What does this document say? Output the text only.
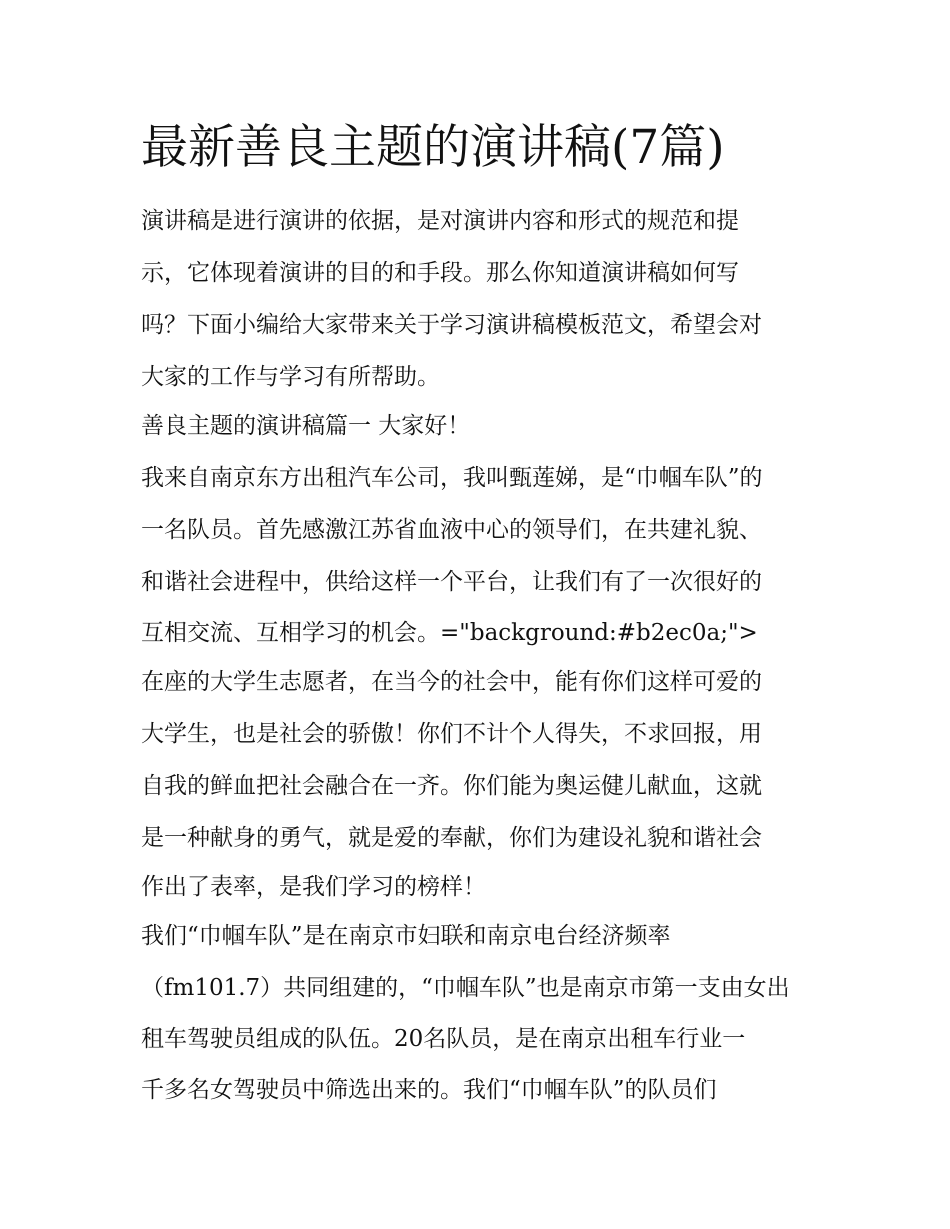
最新善良主题的演讲稿(7篇)

演讲稿是进行演讲的依据，是对演讲内容和形式的规范和提

示，它体现着演讲的目的和手段。那么你知道演讲稿如何写

吗？下面小编给大家带来关于学习演讲稿模板范文，希望会对

大家的工作与学习有所帮助。

善良主题的演讲稿篇一 大家好！

我来自南京东方出租汽车公司，我叫甄莲娣，是“巾帼车队”的

一名队员。首先感激江苏省血液中心的领导们，在共建礼貌、

和谐社会进程中，供给这样一个平台，让我们有了一次很好的

互相交流、互相学习的机会。="background:#b2ec0a;">

在座的大学生志愿者，在当今的社会中，能有你们这样可爱的

大学生，也是社会的骄傲！你们不计个人得失，不求回报，用

自我的鲜血把社会融合在一齐。你们能为奥运健儿献血，这就

是一种献身的勇气，就是爱的奉献，你们为建设礼貌和谐社会

作出了表率，是我们学习的榜样！

我们“巾帼车队”是在南京市妇联和南京电台经济频率

（fm101.7）共同组建的，“巾帼车队”也是南京市第一支由女出

租车驾驶员组成的队伍。20名队员，是在南京出租车行业一

千多名女驾驶员中筛选出来的。我们“巾帼车队”的队员们
